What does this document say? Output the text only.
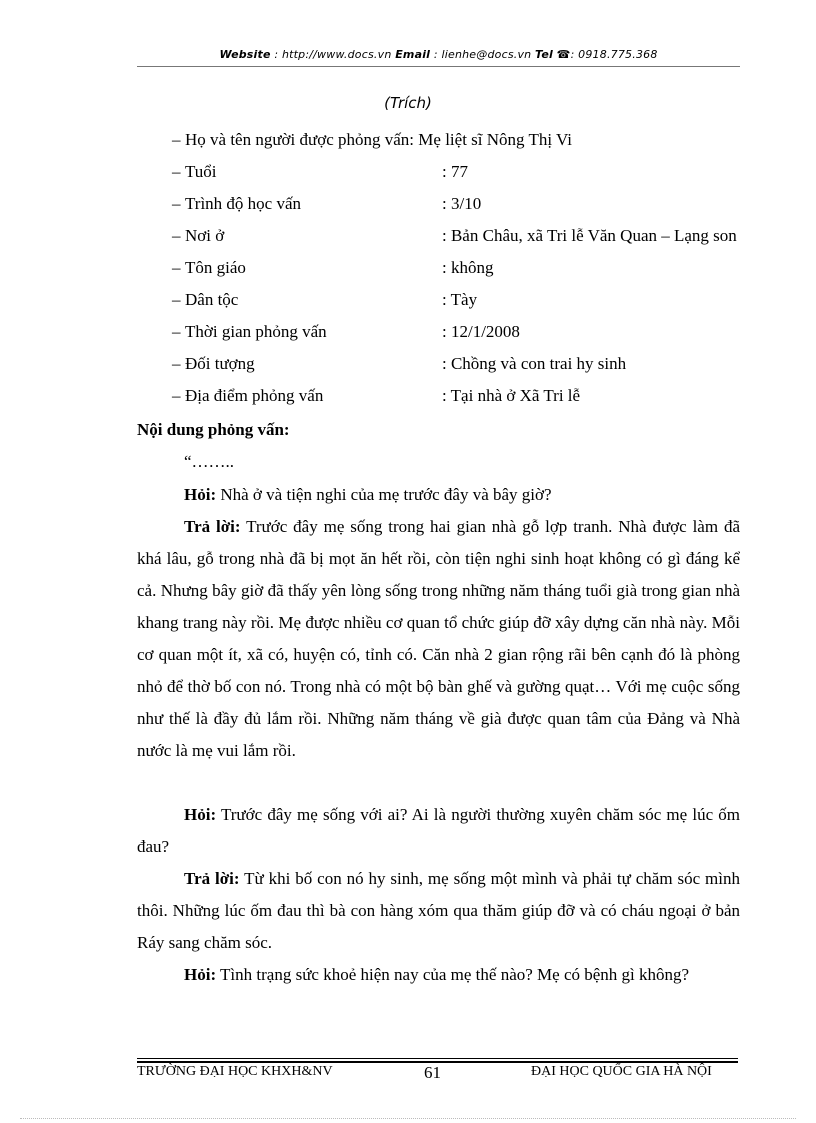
Website : http://www.docs.vn Email : lienhe@docs.vn Tel ☎: 0918.775.368
(Trích)
– Họ và tên người được phỏng vấn: Mẹ liệt sĩ Nông Thị Vi
– Tuổi	: 77
– Trình độ học vấn	: 3/10
– Nơi ở	: Bản Châu, xã Tri lễ Văn Quan – Lạng son
– Tôn giáo	: không
– Dân tộc	: Tày
– Thời gian phỏng vấn	: 12/1/2008
– Đối tượng	: Chồng và con trai hy sinh
– Địa điểm phỏng vấn	: Tại nhà ở Xã Tri lễ
Nội dung phỏng vấn:
“……..

Hỏi: Nhà ở và tiện nghi của mẹ trước đây và bây giờ?

Trả lời: Trước đây mẹ sống trong hai gian nhà gỗ lợp tranh. Nhà được làm đã khá lâu, gỗ trong nhà đã bị mọt ăn hết rồi, còn tiện nghi sinh hoạt không có gì đáng kể cả. Nhưng bây giờ đã thấy yên lòng sống trong những năm tháng tuổi già trong gian nhà khang trang này rồi. Mẹ được nhiều cơ quan tổ chức giúp đỡ xây dựng căn nhà này. Mỗi cơ quan một ít, xã có, huyện có, tỉnh có. Căn nhà 2 gian rộng rãi bên cạnh đó là phòng nhỏ để thờ bố con nó. Trong nhà có một bộ bàn ghế và gường quạt… Với mẹ cuộc sống như thế là đầy đủ lắm rồi. Những năm tháng về già được quan tâm của Đảng và Nhà nước là mẹ vui lắm rồi.

Hỏi: Trước đây mẹ sống với ai? Ai là người thường xuyên chăm sóc mẹ lúc ốm đau?

Trả lời: Từ khi bố con nó hy sinh, mẹ sống một mình và phải tự chăm sóc mình thôi. Những lúc ốm đau thì bà con hàng xóm qua thăm giúp đỡ và có cháu ngoại ở bản Ráy sang chăm sóc.

Hỏi: Tình trạng sức khoẻ hiện nay của mẹ thế nào? Mẹ có bệnh gì không?

TRƯỜNG ĐẠI HỌC KHXH&NV	61	ĐẠI HỌC QUỐC GIA HÀ NỘI
